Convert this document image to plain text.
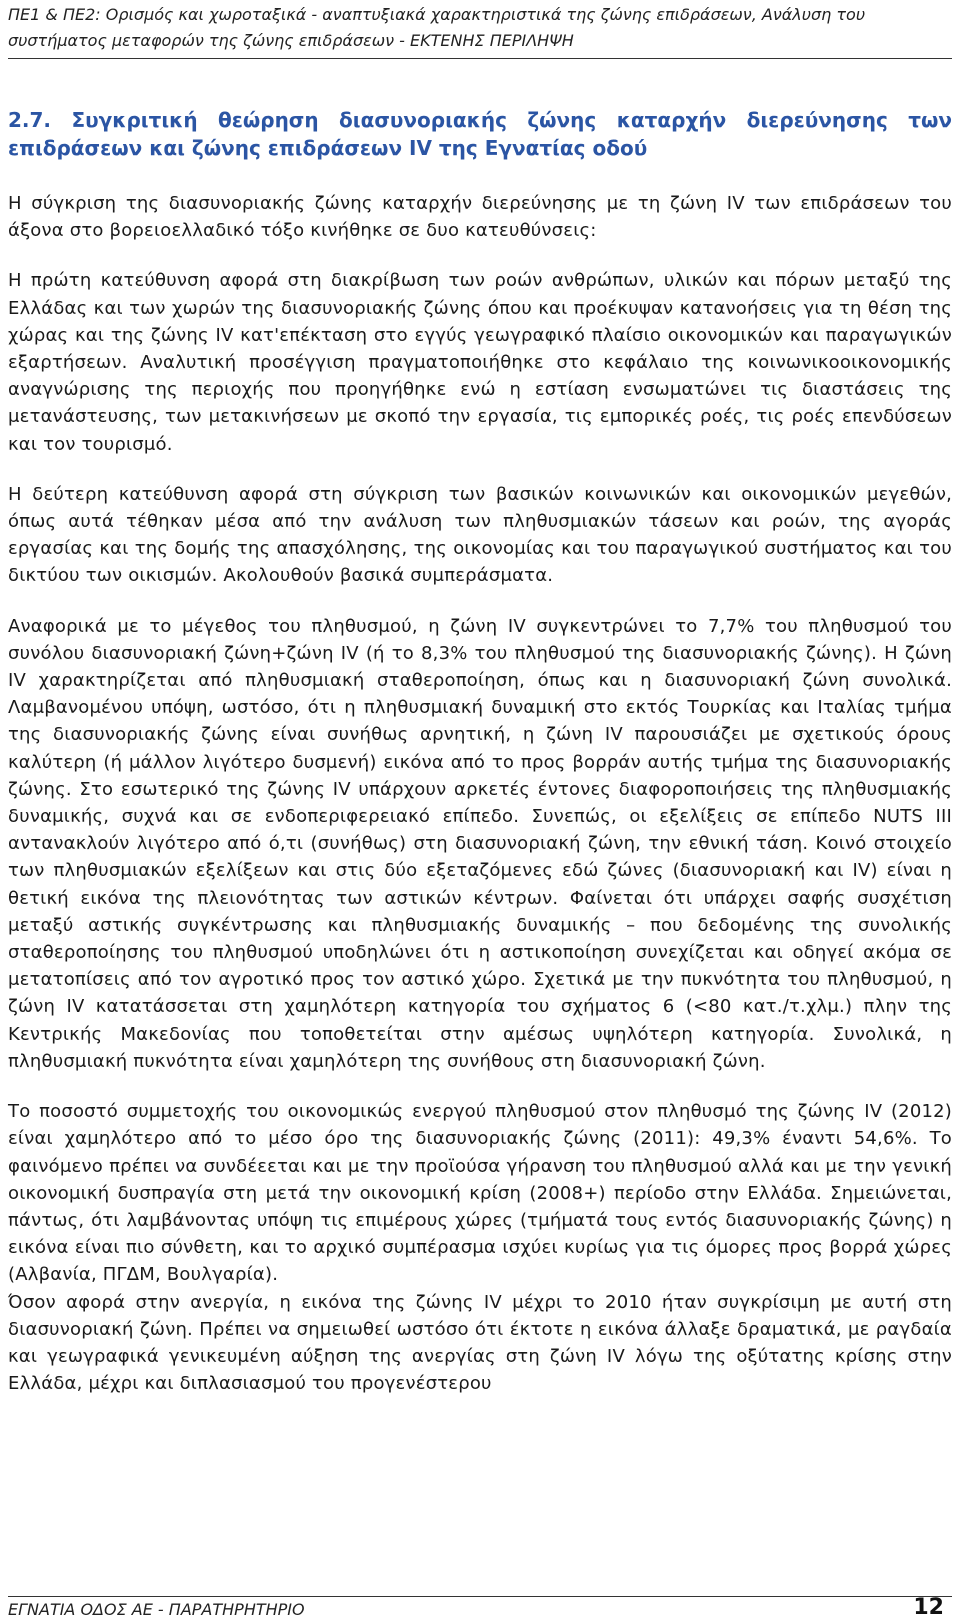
ΠΕ1 & ΠΕ2: Ορισμός και χωροταξικά - αναπτυξιακά χαρακτηριστικά της ζώνης επιδράσεων, Ανάλυση του συστήματος μεταφορών της ζώνης επιδράσεων - ΕΚΤΕΝΗΣ ΠΕΡΙΛΗΨΗ
2.7. Συγκριτική θεώρηση διασυνοριακής ζώνης καταρχήν διερεύνησης των επιδράσεων και ζώνης επιδράσεων IV της Εγνατίας οδού

Η σύγκριση της διασυνοριακής ζώνης καταρχήν διερεύνησης με τη ζώνη IV των επιδράσεων του άξονα στο βορειοελλαδικό τόξο κινήθηκε σε δυο κατευθύνσεις:

Η πρώτη κατεύθυνση αφορά στη διακρίβωση των ροών ανθρώπων, υλικών και πόρων μεταξύ της Ελλάδας και των χωρών της διασυνοριακής ζώνης όπου και προέκυψαν κατανοήσεις για τη θέση της χώρας και της ζώνης IV κατ'επέκταση στο εγγύς γεωγραφικό πλαίσιο οικονομικών και παραγωγικών εξαρτήσεων. Αναλυτική προσέγγιση πραγματοποιήθηκε στο κεφάλαιο της κοινωνικοοικονομικής αναγνώρισης της περιοχής που προηγήθηκε ενώ η εστίαση ενσωματώνει τις διαστάσεις της μετανάστευσης, των μετακινήσεων με σκοπό την εργασία, τις εμπορικές ροές, τις ροές επενδύσεων και τον τουρισμό.

Η δεύτερη κατεύθυνση αφορά στη σύγκριση των βασικών κοινωνικών και οικονομικών μεγεθών, όπως αυτά τέθηκαν μέσα από την ανάλυση των πληθυσμιακών τάσεων και ροών, της αγοράς εργασίας και της δομής της απασχόλησης, της οικονομίας και του παραγωγικού συστήματος και του δικτύου των οικισμών. Ακολουθούν βασικά συμπεράσματα.

Αναφορικά με το μέγεθος του πληθυσμού, η ζώνη IV συγκεντρώνει το 7,7% του πληθυσμού του συνόλου διασυνοριακή ζώνη+ζώνη IV (ή το 8,3% του πληθυσμού της διασυνοριακής ζώνης). Η ζώνη IV χαρακτηρίζεται από πληθυσμιακή σταθεροποίηση, όπως και η διασυνοριακή ζώνη συνολικά. Λαμβανομένου υπόψη, ωστόσο, ότι η πληθυσμιακή δυναμική στο εκτός Τουρκίας και Ιταλίας τμήμα της διασυνοριακής ζώνης είναι συνήθως αρνητική, η ζώνη IV παρουσιάζει με σχετικούς όρους καλύτερη (ή μάλλον λιγότερο δυσμενή) εικόνα από το προς βορράν αυτής τμήμα της διασυνοριακής ζώνης. Στο εσωτερικό της ζώνης IV υπάρχουν αρκετές έντονες διαφοροποιήσεις της πληθυσμιακής δυναμικής, συχνά και σε ενδοπεριφερειακό επίπεδο. Συνεπώς, οι εξελίξεις σε επίπεδο NUTS III αντανακλούν λιγότερο από ό,τι (συνήθως) στη διασυνοριακή ζώνη, την εθνική τάση. Κοινό στοιχείο των πληθυσμιακών εξελίξεων και στις δύο εξεταζόμενες εδώ ζώνες (διασυνοριακή και IV) είναι η θετική εικόνα της πλειονότητας των αστικών κέντρων. Φαίνεται ότι υπάρχει σαφής συσχέτιση μεταξύ αστικής συγκέντρωσης και πληθυσμιακής δυναμικής – που δεδομένης της συνολικής σταθεροποίησης του πληθυσμού υποδηλώνει ότι η αστικοποίηση συνεχίζεται και οδηγεί ακόμα σε μετατοπίσεις από τον αγροτικό προς τον αστικό χώρο. Σχετικά με την πυκνότητα του πληθυσμού, η ζώνη IV κατατάσσεται στη χαμηλότερη κατηγορία του σχήματος 6 (<80 κατ./τ.χλμ.) πλην της Κεντρικής Μακεδονίας που τοποθετείται στην αμέσως υψηλότερη κατηγορία. Συνολικά, η πληθυσμιακή πυκνότητα είναι χαμηλότερη της συνήθους στη διασυνοριακή ζώνη.

Το ποσοστό συμμετοχής του οικονομικώς ενεργού πληθυσμού στον πληθυσμό της ζώνης IV (2012) είναι χαμηλότερο από το μέσο όρο της διασυνοριακής ζώνης (2011): 49,3% έναντι 54,6%. Το φαινόμενο πρέπει να συνδέεεται και με την προϊούσα γήρανση του πληθυσμού αλλά και με την γενική οικονομική δυσπραγία στη μετά την οικονομική κρίση (2008+) περίοδο στην Ελλάδα. Σημειώνεται, πάντως, ότι λαμβάνοντας υπόψη τις επιμέρους χώρες (τμήματά τους εντός διασυνοριακής ζώνης) η εικόνα είναι πιο σύνθετη, και το αρχικό συμπέρασμα ισχύει κυρίως για τις όμορες προς βορρά χώρες (Αλβανία, ΠΓΔΜ, Βουλγαρία).

Όσον αφορά στην ανεργία, η εικόνα της ζώνης IV μέχρι το 2010 ήταν συγκρίσιμη με αυτή στη διασυνοριακή ζώνη. Πρέπει να σημειωθεί ωστόσο ότι έκτοτε η εικόνα άλλαξε δραματικά, με ραγδαία και γεωγραφικά γενικευμένη αύξηση της ανεργίας στη ζώνη IV λόγω της οξύτατης κρίσης στην Ελλάδα, μέχρι και διπλασιασμού του προγενέστερου

ΕΓΝΑΤΙΑ ΟΔΟΣ ΑΕ - ΠΑΡΑΤΗΡΗΤΗΡΙΟ	12
